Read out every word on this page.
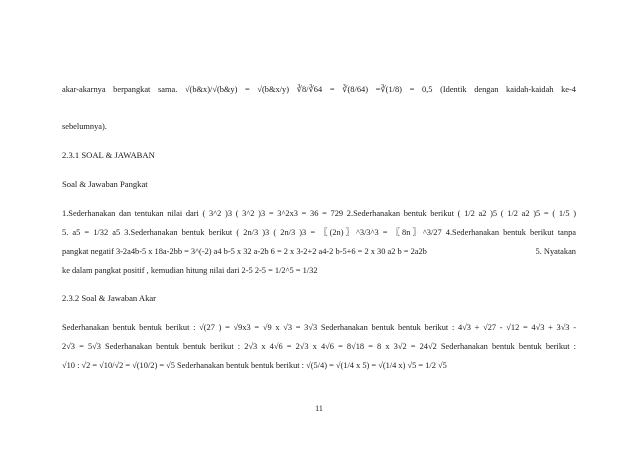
akar-akarnya berpangkat sama. √(b&x)/√(b&y) = √(b&x/y) ∛8/∛64 = ∛(8/64) =∛(1/8) = 0,5 (Identik dengan kaidah-kaidah ke-4
sebelumnya).
2.3.1 SOAL & JAWABAN
Soal & Jawaban Pangkat
1.Sederhanakan dan tentukan nilai dari ( 3^2 )3 ( 3^2 )3 = 3^2x3 = 36 = 729 2.Sederhanakan bentuk berikut ( 1/2 a2 )5 ( 1/2 a2 )5 = ( 1/5 )
5. a5 = 1/32 a5 3.Sederhanakan bentuk berikut ( 2n/3 )3 ( 2n/3 )3 = 〖(2n)〗^3/3^3 = 〖8n〗^3/27 4.Sederhanakan bentuk berikut tanpa
pangkat negatif 3-2a4b-5 x 18a-2bb = 3^(-2) a4 b-5 x 32 a-2b 6 = 2 x 3-2+2 a4-2 b-5+6 = 2 x 30 a2 b = 2a2b	5. Nyatakan
ke dalam pangkat positif , kemudian hitung nilai dari 2-5 2-5 = 1/2^5 = 1/32
2.3.2 Soal & Jawaban Akar
Sederhanakan bentuk bentuk berikut : √(27 ) = √9x3 = √9 x √3 = 3√3 Sederhanakan bentuk bentuk berikut : 4√3 + √27 - √12 = 4√3 + 3√3 -
2√3 = 5√3 Sederhanakan bentuk bentuk berikut : 2√3 x 4√6 = 2√3 x 4√6 = 8√18 = 8 x 3√2 = 24√2 Sederhanakan bentuk bentuk berikut :
√10 : √2 = √10/√2 = √(10/2) = √5 Sederhanakan bentuk bentuk berikut : √(5/4) = √(1/4 x 5) = √(1/4 x) √5 = 1/2 √5
11
